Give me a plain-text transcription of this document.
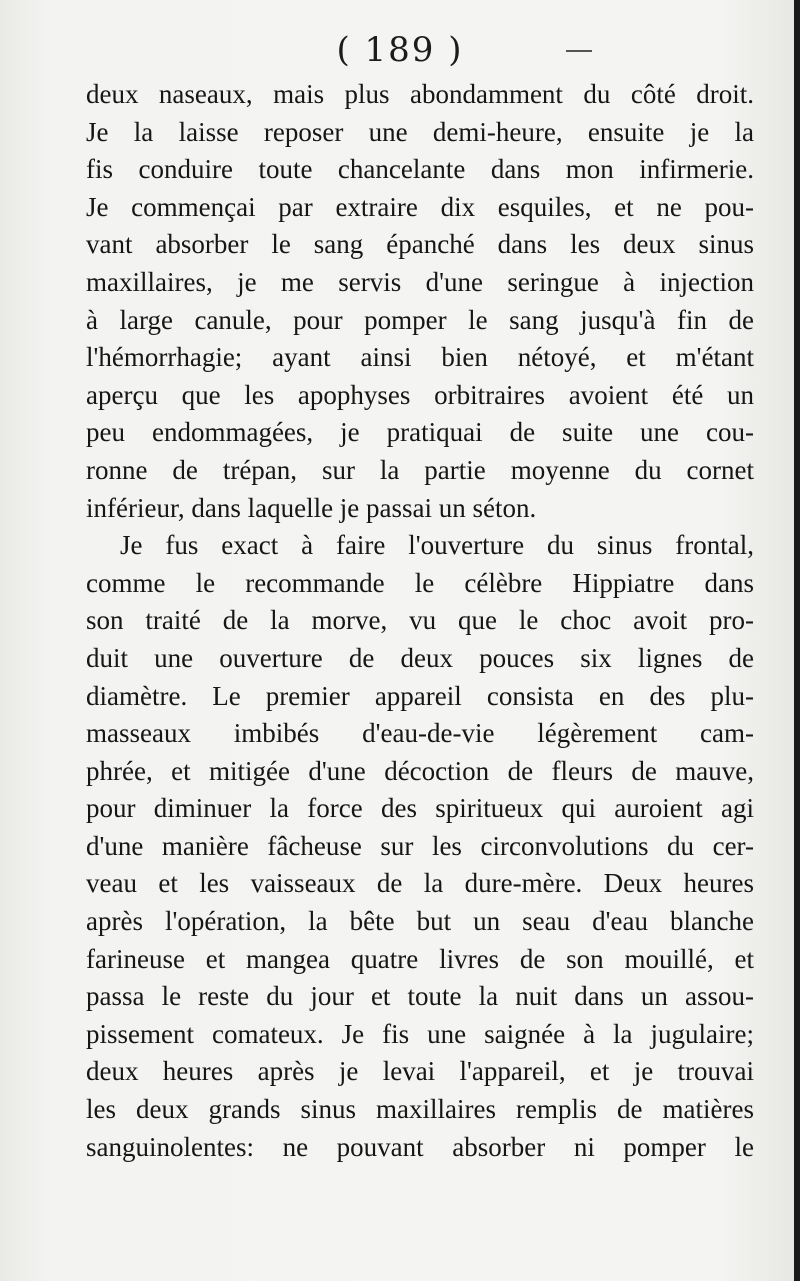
( 189 )
deux naseaux, mais plus abondamment du côté droit.
Je la laisse reposer une demi-heure, ensuite je la
fis conduire toute chancelante dans mon infirmerie.
Je commençai par extraire dix esquiles, et ne pou-
vant absorber le sang épanché dans les deux sinus
maxillaires, je me servis d'une seringue à injection
à large canule, pour pomper le sang jusqu'à fin de
l'hémorrhagie; ayant ainsi bien nétoyé, et m'étant
aperçu que les apophyses orbitraires avoient été un
peu endommagées, je pratiquai de suite une cou-
ronne de trépan, sur la partie moyenne du cornet
inférieur, dans laquelle je passai un séton.
Je fus exact à faire l'ouverture du sinus frontal,
comme le recommande le célèbre Hippiatre dans
son traité de la morve, vu que le choc avoit pro-
duit une ouverture de deux pouces six lignes de
diamètre. Le premier appareil consista en des plu-
masseaux imbibés d'eau-de-vie légèrement cam-
phrée, et mitigée d'une décoction de fleurs de mauve,
pour diminuer la force des spiritueux qui auroient agi
d'une manière fâcheuse sur les circonvolutions du cer-
veau et les vaisseaux de la dure-mère. Deux heures
après l'opération, la bête but un seau d'eau blanche
farineuse et mangea quatre livres de son mouillé, et
passa le reste du jour et toute la nuit dans un assou-
pissement comateux. Je fis une saignée à la jugulaire;
deux heures après je levai l'appareil, et je trouvai
les deux grands sinus maxillaires remplis de matières
sanguinolentes: ne pouvant absorber ni pomper le
